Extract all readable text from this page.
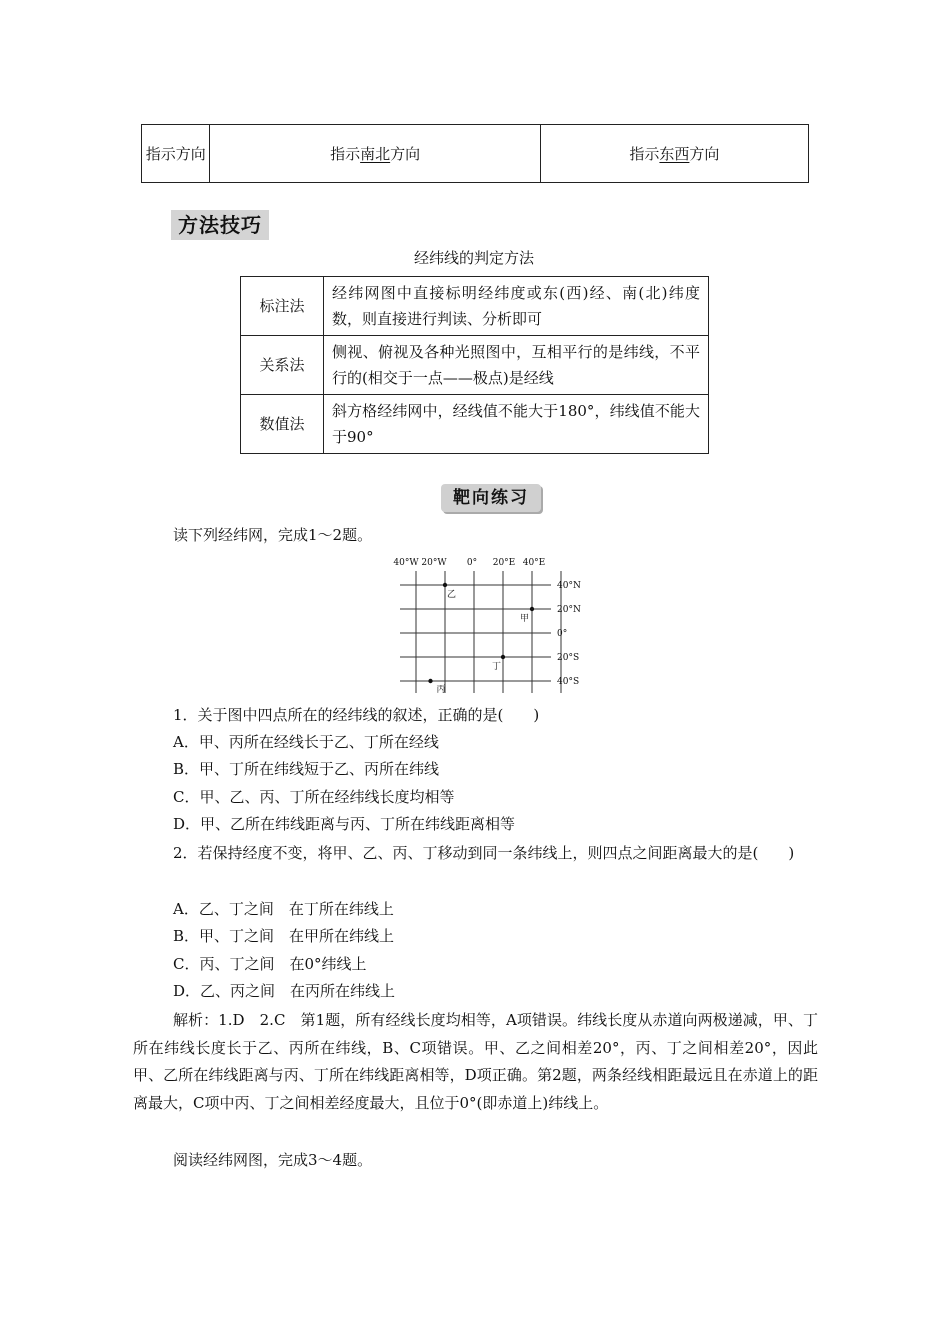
指示方向	指示南北方向	指示东西方向
方法技巧
经纬线的判定方法
标注法	经纬网图中直接标明经纬度或东(西)经、南(北)纬度数，则直接进行判读、分析即可
关系法	侧视、俯视及各种光照图中，互相平行的是纬线，不平行的(相交于一点——极点)是经线
数值法	斜方格经纬网中，经线值不能大于180°，纬线值不能大于90°
靶向练习
读下列经纬网，完成1～2题。
40°W 20°W 0° 20°E 40°E
40°N
20°N
0°
20°S
40°S
乙
甲
丁
丙
1．关于图中四点所在的经纬线的叙述，正确的是(　　)
A．甲、丙所在经线长于乙、丁所在经线
B．甲、丁所在纬线短于乙、丙所在纬线
C．甲、乙、丙、丁所在经纬线长度均相等
D．甲、乙所在纬线距离与丙、丁所在纬线距离相等
2．若保持经度不变，将甲、乙、丙、丁移动到同一条纬线上，则四点之间距离最大的是(　　)
A．乙、丁之间　在丁所在纬线上
B．甲、丁之间　在甲所在纬线上
C．丙、丁之间　在0°纬线上
D．乙、丙之间　在丙所在纬线上
解析：1.D　2.C　第1题，所有经线长度均相等，A项错误。纬线长度从赤道向两极递减，甲、丁所在纬线长度长于乙、丙所在纬线，B、C项错误。甲、乙之间相差20°，丙、丁之间相差20°，因此甲、乙所在纬线距离与丙、丁所在纬线距离相等，D项正确。第2题，两条经线相距最远且在赤道上的距离最大，C项中丙、丁之间相差经度最大，且位于0°(即赤道上)纬线上。
阅读经纬网图，完成3～4题。
